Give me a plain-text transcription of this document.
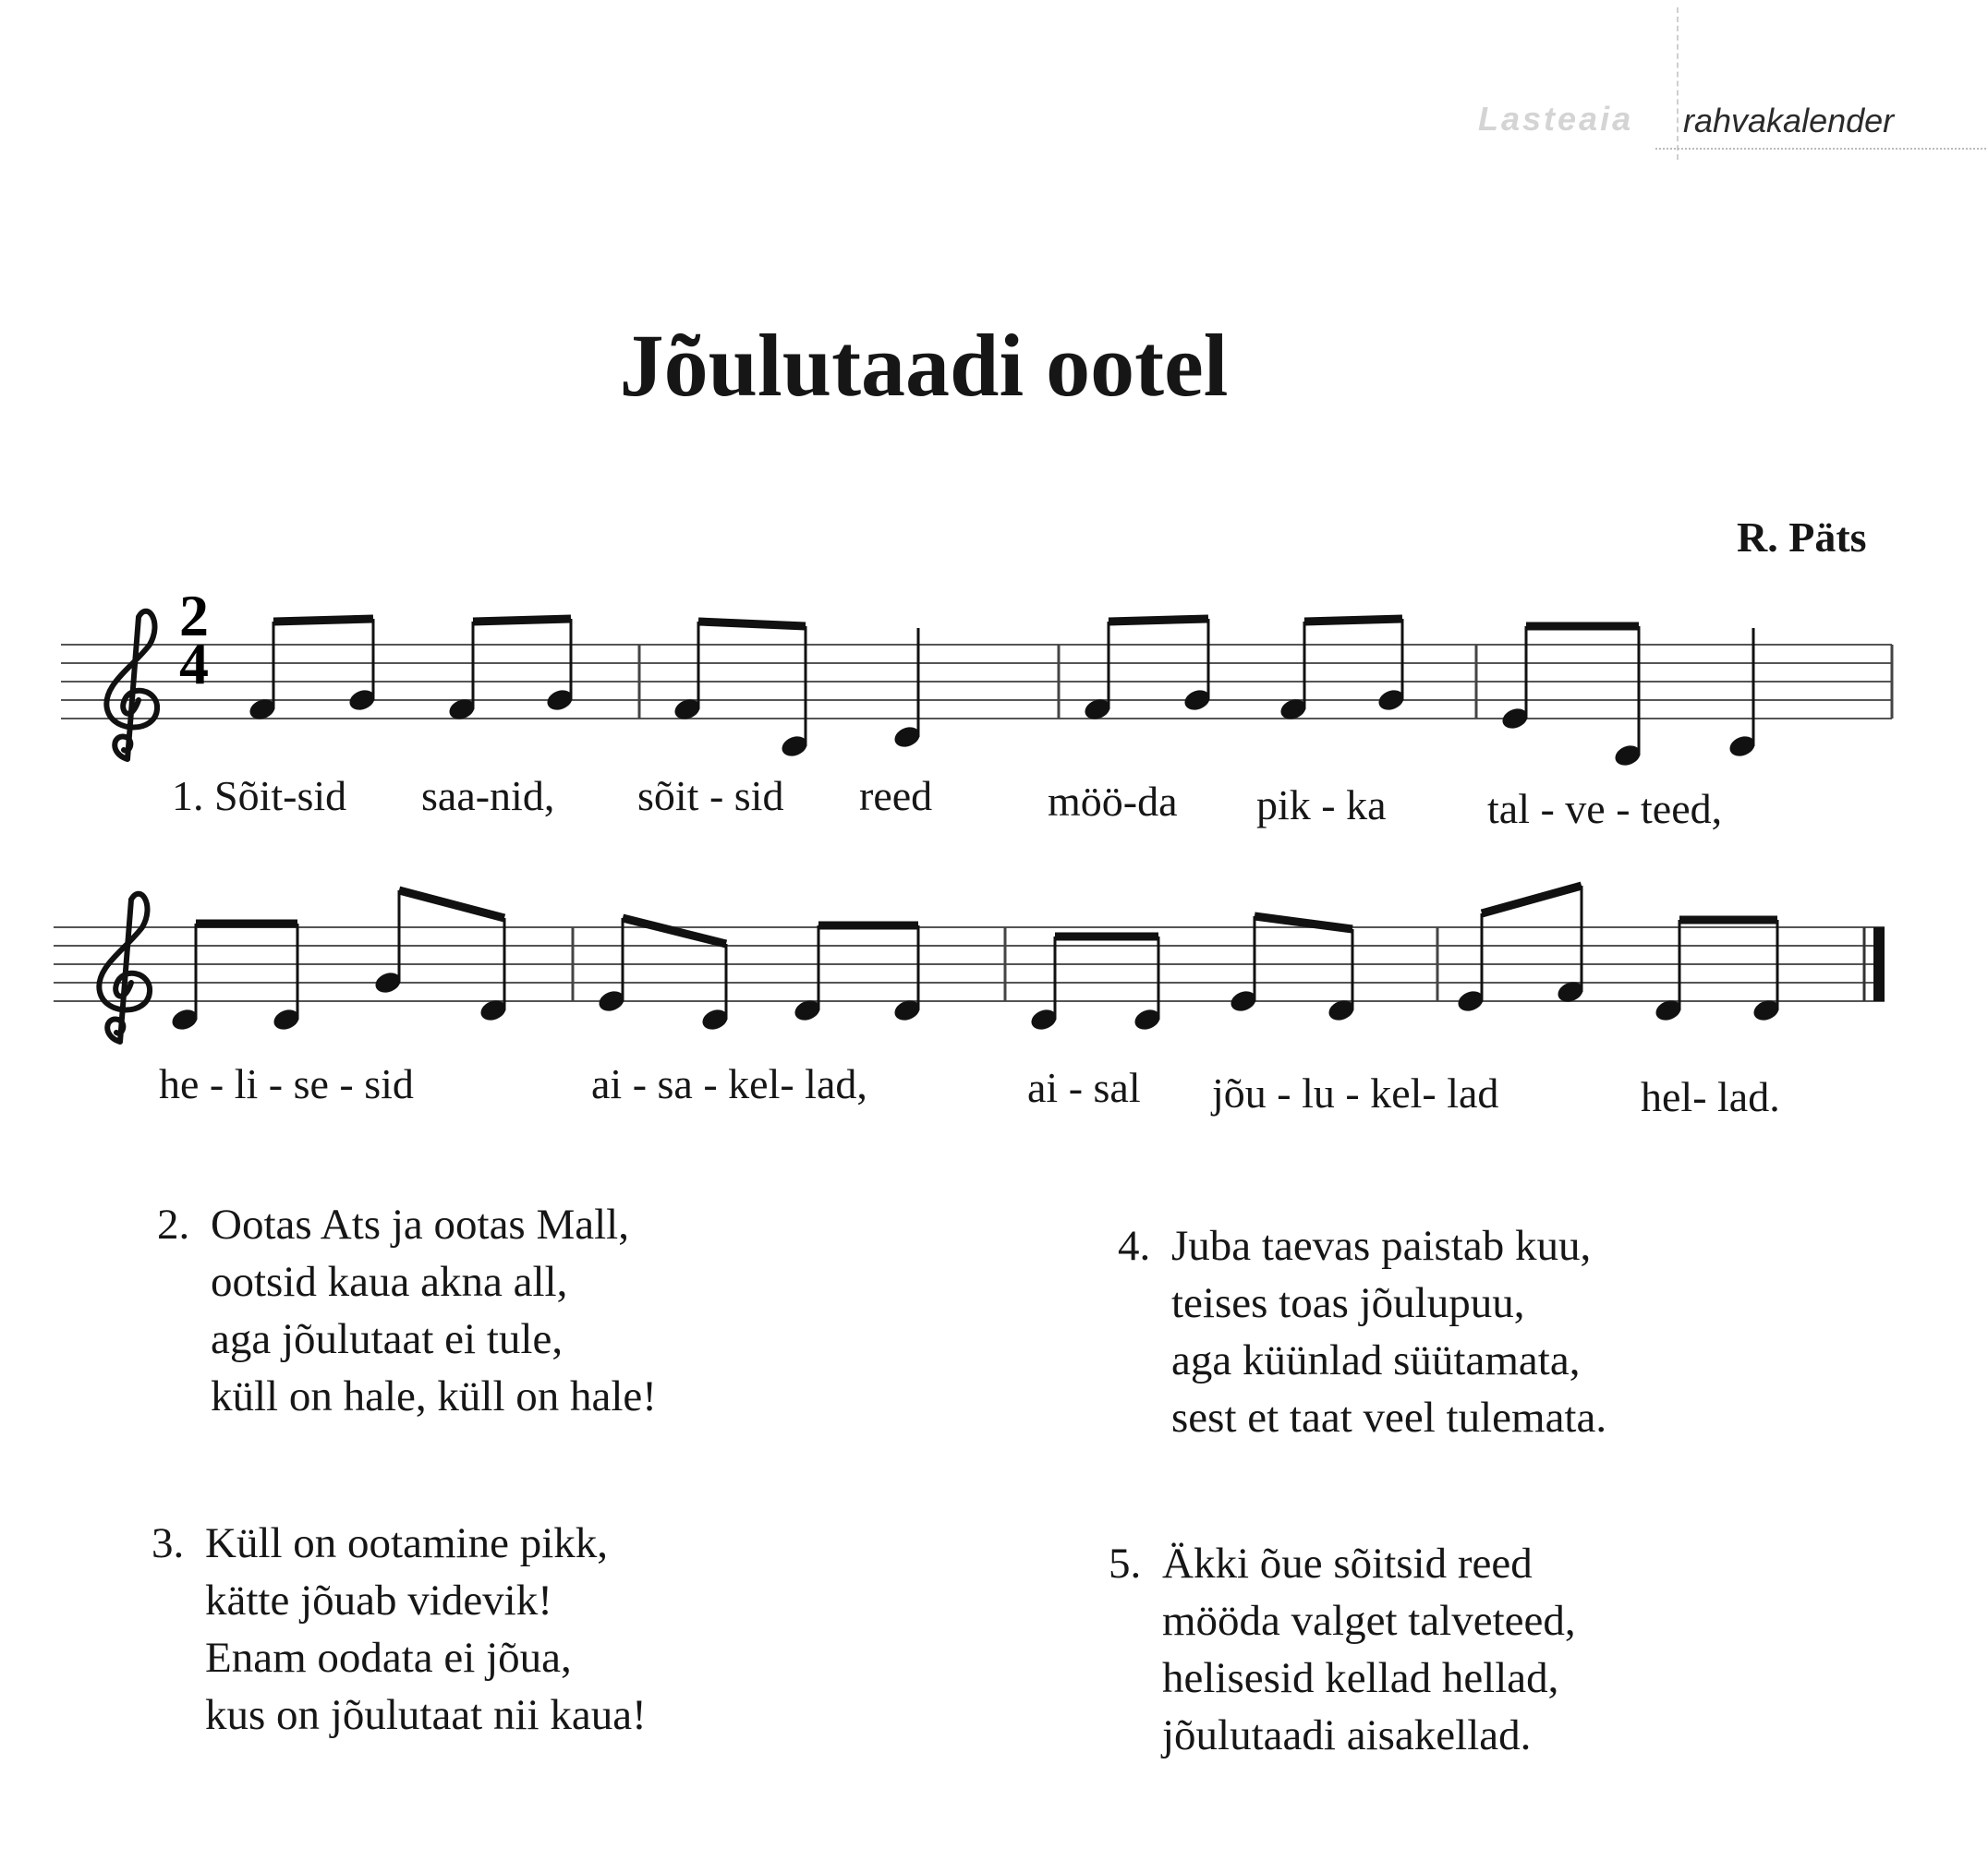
Lasteaia rahvakalender
Jõulutaadi ootel
R. Päts
2
4
1. Sõit-sid saa-nid, sõit - sid reed	möö-da pik - ka tal - ve - teed,
he - li - se - sid	ai - sa - kel- lad,	ai - sal jõu - lu - kel- lad	hel- lad.
2. Ootas Ats ja ootas Mall,
ootsid kaua akna all,
aga jõulutaat ei tule,
küll on hale, küll on hale!
3. Küll on ootamine pikk,
kätte jõuab videvik!
Enam oodata ei jõua,
kus on jõulutaat nii kaua!
4. Juba taevas paistab kuu,
teises toas jõulupuu,
aga küünlad süütamata,
sest et taat veel tulemata.
5. Äkki õue sõitsid reed
mööda valget talveteed,
helisesid kellad hellad,
jõulutaadi aisakellad.
